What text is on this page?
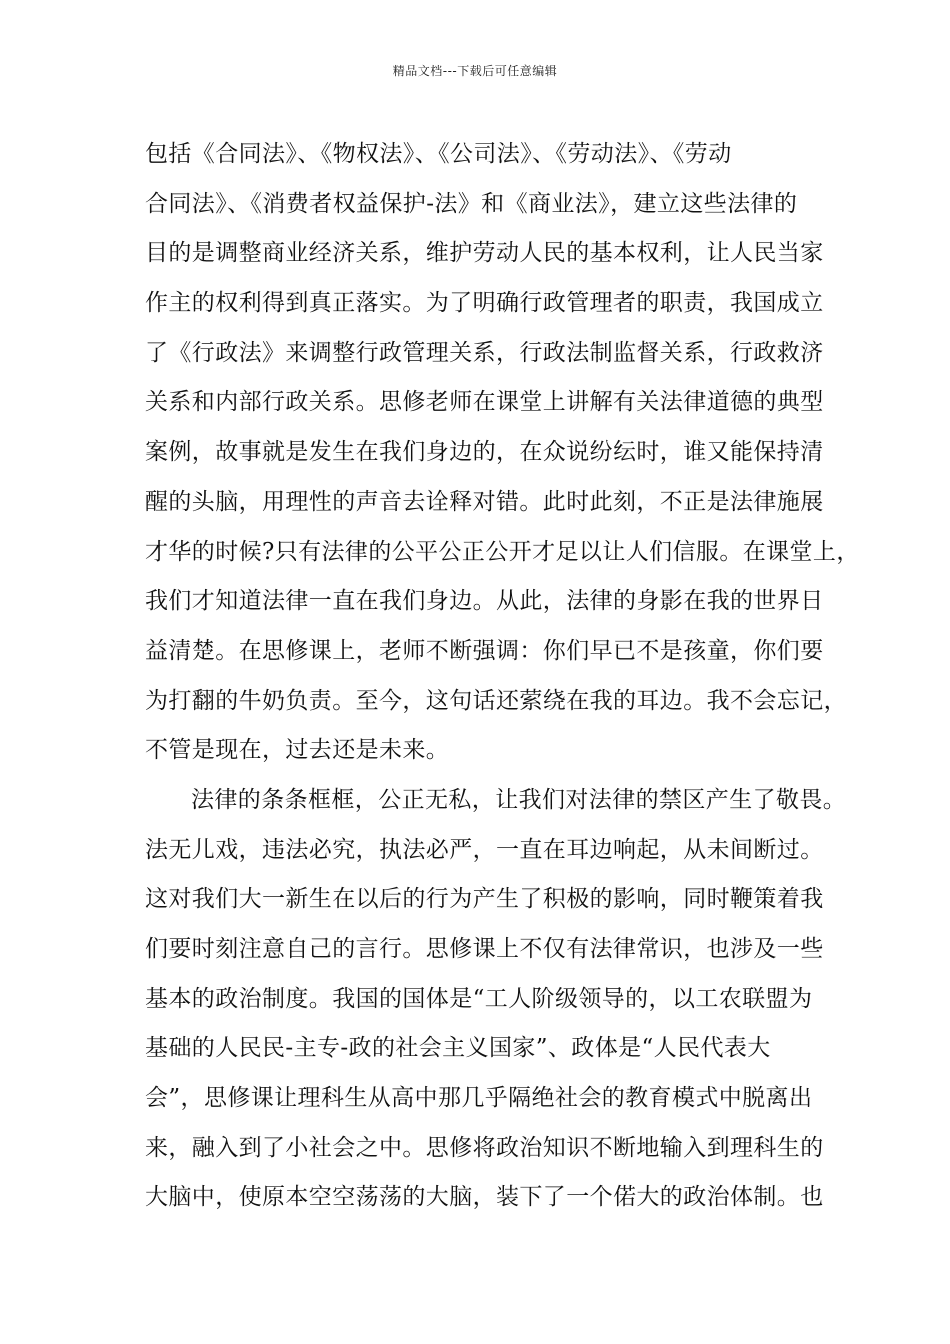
精品文档---下载后可任意编辑
包括《合同法》、《物权法》、《公司法》、《劳动法》、《劳动
合同法》、《消费者权益保护-法》和《商业法》，建立这些法律的
目的是调整商业经济关系，维护劳动人民的基本权利，让人民当家
作主的权利得到真正落实。为了明确行政管理者的职责，我国成立
了《行政法》来调整行政管理关系，行政法制监督关系，行政救济
关系和内部行政关系。思修老师在课堂上讲解有关法律道德的典型
案例，故事就是发生在我们身边的，在众说纷纭时，谁又能保持清
醒的头脑，用理性的声音去诠释对错。此时此刻，不正是法律施展
才华的时候?只有法律的公平公正公开才足以让人们信服。在课堂上，
我们才知道法律一直在我们身边。从此，法律的身影在我的世界日
益清楚。在思修课上，老师不断强调：你们早已不是孩童，你们要
为打翻的牛奶负责。至今，这句话还萦绕在我的耳边。我不会忘记，
不管是现在，过去还是未来。
法律的条条框框，公正无私，让我们对法律的禁区产生了敬畏。
法无儿戏，违法必究，执法必严，一直在耳边响起，从未间断过。
这对我们大一新生在以后的行为产生了积极的影响，同时鞭策着我
们要时刻注意自己的言行。思修课上不仅有法律常识，也涉及一些
基本的政治制度。我国的国体是“工人阶级领导的，以工农联盟为
基础的人民民-主专-政的社会主义国家”、政体是“人民代表大
会”，思修课让理科生从高中那几乎隔绝社会的教育模式中脱离出
来，融入到了小社会之中。思修将政治知识不断地输入到理科生的
大脑中，使原本空空荡荡的大脑，装下了一个偌大的政治体制。也
